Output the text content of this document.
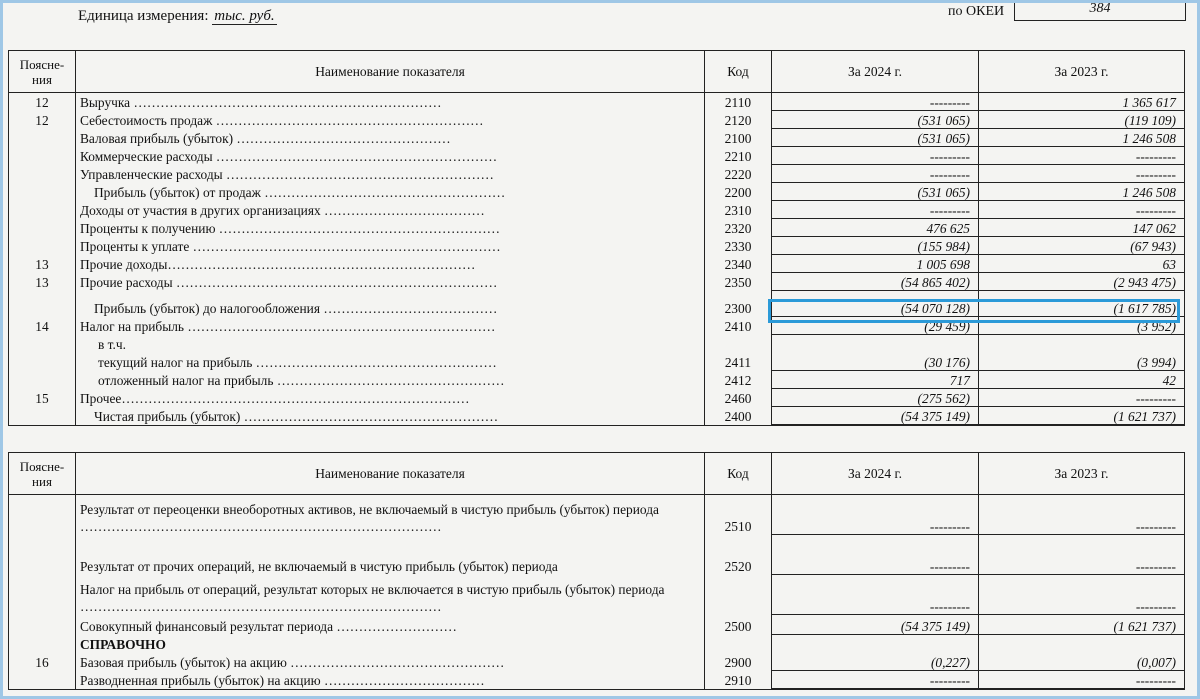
Единица измерения: тыс. руб.	по ОКЕИ	384
Поясне-
ния	Наименование показателя	Код	За 2024 г.	За 2023 г.
12	Выручка ……………………………………………………………	2110	---------	1 365 617
12	Себестоимость продаж ……………………………………………………	2120	(531 065)	(119 109)
	Валовая прибыль (убыток) …………………………………………	2100	(531 065)	1 246 508
	Коммерческие расходы ………………………………………………………	2210	---------	---------
	Управленческие расходы ……………………………………………………	2220	---------	---------
	Прибыль (убыток) от продаж ………………………………………………	2200	(531 065)	1 246 508
	Доходы от участия в других организациях ………………………………	2310	---------	---------
	Проценты к получению ………………………………………………………	2320	476 625	147 062
	Проценты к уплате ……………………………………………………………	2330	(155 984)	(67 943)
13	Прочие доходы……………………………………………………………	2340	1 005 698	63
13	Прочие расходы ………………………………………………………………	2350	(54 865 402)	(2 943 475)
	Прибыль (убыток) до налогообложения …………………………………	2300	(54 070 128)	(1 617 785)
14	Налог на прибыль ……………………………………………………………	2410	(29 459)	(3 952)
	в т.ч.			
	текущий налог на прибыль ………………………………………………	2411	(30 176)	(3 994)
	отложенный налог на прибыль ……………………………………………	2412	717	42
15	Прочее……………………………………………………………………	2460	(275 562)	---------
	Чистая прибыль (убыток) …………………………………………………	2400	(54 375 149)	(1 621 737)
Поясне-
ния	Наименование показателя	Код	За 2024 г.	За 2023 г.
	Результат от переоценки внеоборотных активов, не включаемый в чистую прибыль (убыток) периода ………………………………………………………………………	2510	---------	---------
	Результат от прочих операций, не включаемый в чистую прибыль (убыток) периода	2520	---------	---------
	Налог на прибыль от операций, результат которых не включается в чистую прибыль (убыток) периода ………………………………………………………………………		---------	---------
	Совокупный финансовый результат периода ………………………	2500	(54 375 149)	(1 621 737)
	СПРАВОЧНО			
16	Базовая прибыль (убыток) на акцию …………………………………………	2900	(0,227)	(0,007)
	Разводненная прибыль (убыток) на акцию ………………………………	2910	---------	---------
